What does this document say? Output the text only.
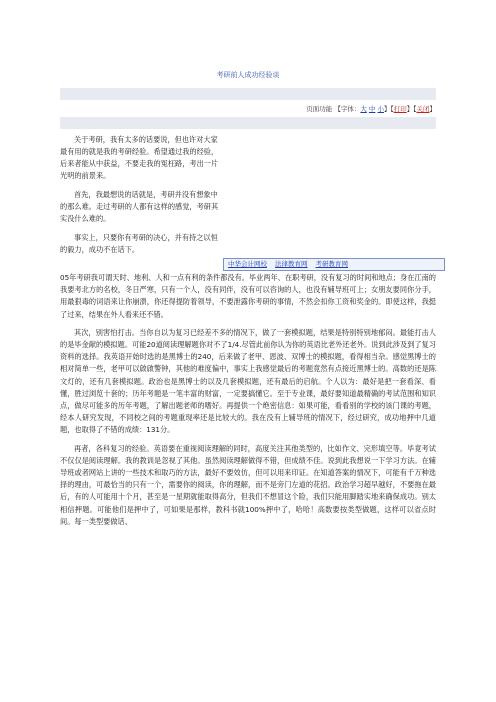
考研前人成功经验谈
页面功能 【字体：大 中 小】【打印】【关闭】

关于考研，我有太多的话要说，但也许对大家最有用的就是我的考研经验。希望通过我的经验，后来者能从中获益，不要走我的冤枉路，考出一片光明的前景来。

首先，我最想说的话就是，考研并没有想象中的那么难。走过考研的人都有这样的感觉，考研其实没什么难的。

事实上，只要你有考研的决心，并有持之以恒的毅力，成功不在话下。

中华会计网校 法律教育网 考研教育网

05年考研我可谓天时、地利、人和一点有利的条件都没有。毕业两年、在职考研，没有复习的时间和地点；身在江南的我要考北方的名校，冬日严寒，只有一个人，没有同伴，没有可以咨询的人，也没有辅导班可上；女朋友要同你分手，用最狠毒的词语来让你崩溃，你还得提防着领导，不要泄露你考研的事情，不然会扣你工资和奖金的。即使这样，我挺了过来，结果在外人看来还不错。

其次，别害怕打击。当你自以为复习已经差不多的情况下，做了一套模拟题，结果是特别特别地郁闷。最能打击人的是毕金献的模拟题。可能20道阅读理解题你对不了1/4.尽管此前你认为你的英语比老外还老外。说到此涉及到了复习资料的选择。我英语开始时选的是黑博士的240，后来做了老甲、恩波、双博士的模拟题，看得相当杂。感觉黑博士的相对简单一些，老甲可以啟啟警钟，其他的难度偏中，事实上我感觉最后的考题竟然有点接近黑博士的。高数的还是陈文灯的，还有几套模拟题。政治也是黑博士的以及几套模拟题，还有最后的启航。个人以为：最好是把一套看深、看懂，胜过浏览十套的；历年考题是一笔丰富的财富，一定要搞懂它。至于专业课，最好要知道最精确的考试范围和知识点，做尽可能多的历年考题，了解出题老师的嗜好。再提供一个绝密信息：如果可能，看看别的学校的该门课的考题，经本人研究发现，不同校之间的考题重现率还是比较大的。我在没有上辅导班的情况下，经过研究，成功地押中几道题，也取得了不错的成绩：131分。

再者，各科复习的经验。英语要在重视阅读理解的同时，高度关注其他类型的，比如作文、完形填空等。毕竟考试不仅仅是阅读理解。我的教训是忽视了其他。虽然阅读理解做得不错，但成绩不佳。说到此我想说一下学习方法。在辅导班或者网站上讲的一些技术和取巧的方法，最好不要效仿，但可以用来印证。在知道答案的情况下，可能有千万种选择的理由，可最恰当的只有一个，需要你的阅读，你的理解，而不是旁门左道的花招。政治学习超早越好，不要拖在最后，有的人可能用十个月，甚至是一星期就能取得高分，但我们不想冒这个险，我们只能用脚踏实地来确保成功。别太相信押题。可能他们是押中了，可如果是那样，教科书就100%押中了，哈哈！高数要按类型做题，这样可以省点时间。每一类型要做话、
